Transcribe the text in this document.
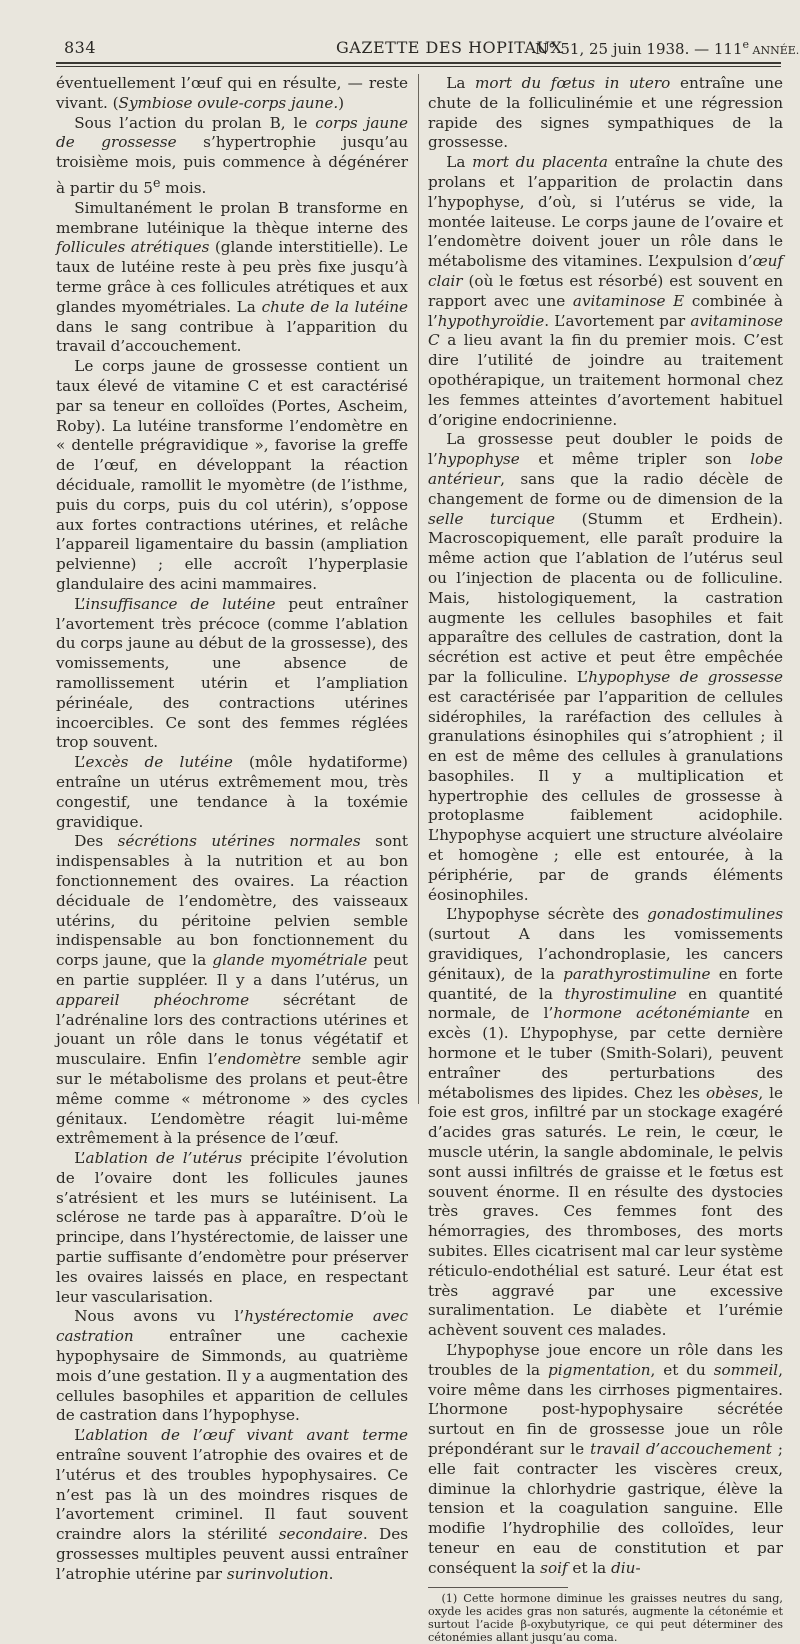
834	GAZETTE DES HOPITAUX
N° 51, 25 juin 1938. — 111e ANNÉE.

éventuellement l’œuf qui en résulte, — reste vivant. (Symbiose ovule-corps jaune.)

Sous l’action du prolan B, le corps jaune de grossesse s’hypertrophie jusqu’au troisième mois, puis commence à dégénérer à partir du 5e mois.

Simultanément le prolan B transforme en membrane lutéinique la thèque interne des follicules atrétiques (glande interstitielle). Le taux de lutéine reste à peu près fixe jusqu’à terme grâce à ces follicules atrétiques et aux glandes myométriales. La chute de la lutéine dans le sang contribue à l’apparition du travail d’accouchement.

Le corps jaune de grossesse contient un taux élevé de vitamine C et est caractérisé par sa teneur en colloïdes (Portes, Ascheim, Roby). La lutéine transforme l’endomètre en « dentelle prégravidique », favorise la greffe de l’œuf, en développant la réaction déciduale, ramollit le myomètre (de l’isthme, puis du corps, puis du col utérin), s’oppose aux fortes contractions utérines, et relâche l’appareil ligamentaire du bassin (ampliation pelvienne) ; elle accroît l’hyperplasie glandulaire des acini mammaires.

L’insuffisance de lutéine peut entraîner l’avortement très précoce (comme l’ablation du corps jaune au début de la grossesse), des vomissements, une absence de ramollissement utérin et l’ampliation périnéale, des contractions utérines incoercibles. Ce sont des femmes réglées trop souvent.

L’excès de lutéine (môle hydatiforme) entraîne un utérus extrêmement mou, très congestif, une tendance à la toxémie gravidique.

Des sécrétions utérines normales sont indispensables à la nutrition et au bon fonctionnement des ovaires. La réaction déciduale de l’endomètre, des vaisseaux utérins, du péritoine pelvien semble indispensable au bon fonctionnement du corps jaune, que la glande myométriale peut en partie suppléer. Il y a dans l’utérus, un appareil phéochrome sécrétant de l’adrénaline lors des contractions utérines et jouant un rôle dans le tonus végétatif et musculaire. Enfin l’endomètre semble agir sur le métabolisme des prolans et peut-être même comme « métronome » des cycles génitaux. L’endomètre réagit lui-même extrêmement à la présence de l’œuf.

L’ablation de l’utérus précipite l’évolution de l’ovaire dont les follicules jaunes s’atrésient et les murs se lutéinisent. La sclérose ne tarde pas à apparaître. D’où le principe, dans l’hystérectomie, de laisser une partie suffisante d’endomètre pour préserver les ovaires laissés en place, en respectant leur vascularisation.

Nous avons vu l’hystérectomie avec castration entraîner une cachexie hypophysaire de Simmonds, au quatrième mois d’une gestation. Il y a augmentation des cellules basophiles et apparition de cellules de castration dans l’hypophyse.

L’ablation de l’œuf vivant avant terme entraîne souvent l’atrophie des ovaires et de l’utérus et des troubles hypophysaires. Ce n’est pas là un des moindres risques de l’avortement criminel. Il faut souvent craindre alors la stérilité secondaire. Des grossesses multiples peuvent aussi entraîner l’atrophie utérine par surinvolution.

La mort du fœtus in utero entraîne une chute de la folliculinémie et une régression rapide des signes sympathiques de la grossesse.

La mort du placenta entraîne la chute des prolans et l’apparition de prolactin dans l’hypophyse, d’où, si l’utérus se vide, la montée laiteuse. Le corps jaune de l’ovaire et l’endomètre doivent jouer un rôle dans le métabolisme des vitamines. L’expulsion d’œuf clair (où le fœtus est résorbé) est souvent en rapport avec une avitaminose E combinée à l’hypothyroïdie. L’avortement par avitaminose C a lieu avant la fin du premier mois. C’est dire l’utilité de joindre au traitement opothérapique, un traitement hormonal chez les femmes atteintes d’avortement habituel d’origine endocrinienne.

La grossesse peut doubler le poids de l’hypophyse et même tripler son lobe antérieur, sans que la radio décèle de changement de forme ou de dimension de la selle turcique (Stumm et Erdhein). Macroscopiquement, elle paraît produire la même action que l’ablation de l’utérus seul ou l’injection de placenta ou de folliculine. Mais, histologiquement, la castration augmente les cellules basophiles et fait apparaître des cellules de castration, dont la sécrétion est active et peut être empêchée par la folliculine. L’hypophyse de grossesse est caractérisée par l’apparition de cellules sidérophiles, la raréfaction des cellules à granulations ésinophiles qui s’atrophient ; il en est de même des cellules à granulations basophiles. Il y a multiplication et hypertrophie des cellules de grossesse à protoplasme faiblement acidophile. L’hypophyse acquiert une structure alvéolaire et homogène ; elle est entourée, à la périphérie, par de grands éléments éosinophiles.

L’hypophyse sécrète des gonadostimulines (surtout A dans les vomissements gravidiques, l’achondroplasie, les cancers génitaux), de la parathyrostimuline en forte quantité, de la thyrostimuline en quantité normale, de l’hormone acétonémiante en excès (1). L’hypophyse, par cette dernière hormone et le tuber (Smith-Solari), peuvent entraîner des perturbations des métabolismes des lipides. Chez les obèses, le foie est gros, infiltré par un stockage exagéré d’acides gras saturés. Le rein, le cœur, le muscle utérin, la sangle abdominale, le pelvis sont aussi infiltrés de graisse et le fœtus est souvent énorme. Il en résulte des dystocies très graves. Ces femmes font des hémorragies, des thromboses, des morts subites. Elles cicatrisent mal car leur système réticulo-endothélial est saturé. Leur état est très aggravé par une excessive suralimentation. Le diabète et l’urémie achèvent souvent ces malades.

L’hypophyse joue encore un rôle dans les troubles de la pigmentation, et du sommeil, voire même dans les cirrhoses pigmentaires. L’hormone post-hypophysaire sécrétée surtout en fin de grossesse joue un rôle prépondérant sur le travail d’accouchement ; elle fait contracter les viscères creux, diminue la chlorhydrie gastrique, élève la tension et la coagulation sanguine. Elle modifie l’hydrophilie des colloïdes, leur teneur en eau de constitution et par conséquent la soif et la diu-

(1) Cette hormone diminue les graisses neutres du sang, oxyde les acides gras non saturés, augmente la cétonémie et surtout l’acide β-oxybutyrique, ce qui peut déterminer des cétonémies allant jusqu’au coma.
